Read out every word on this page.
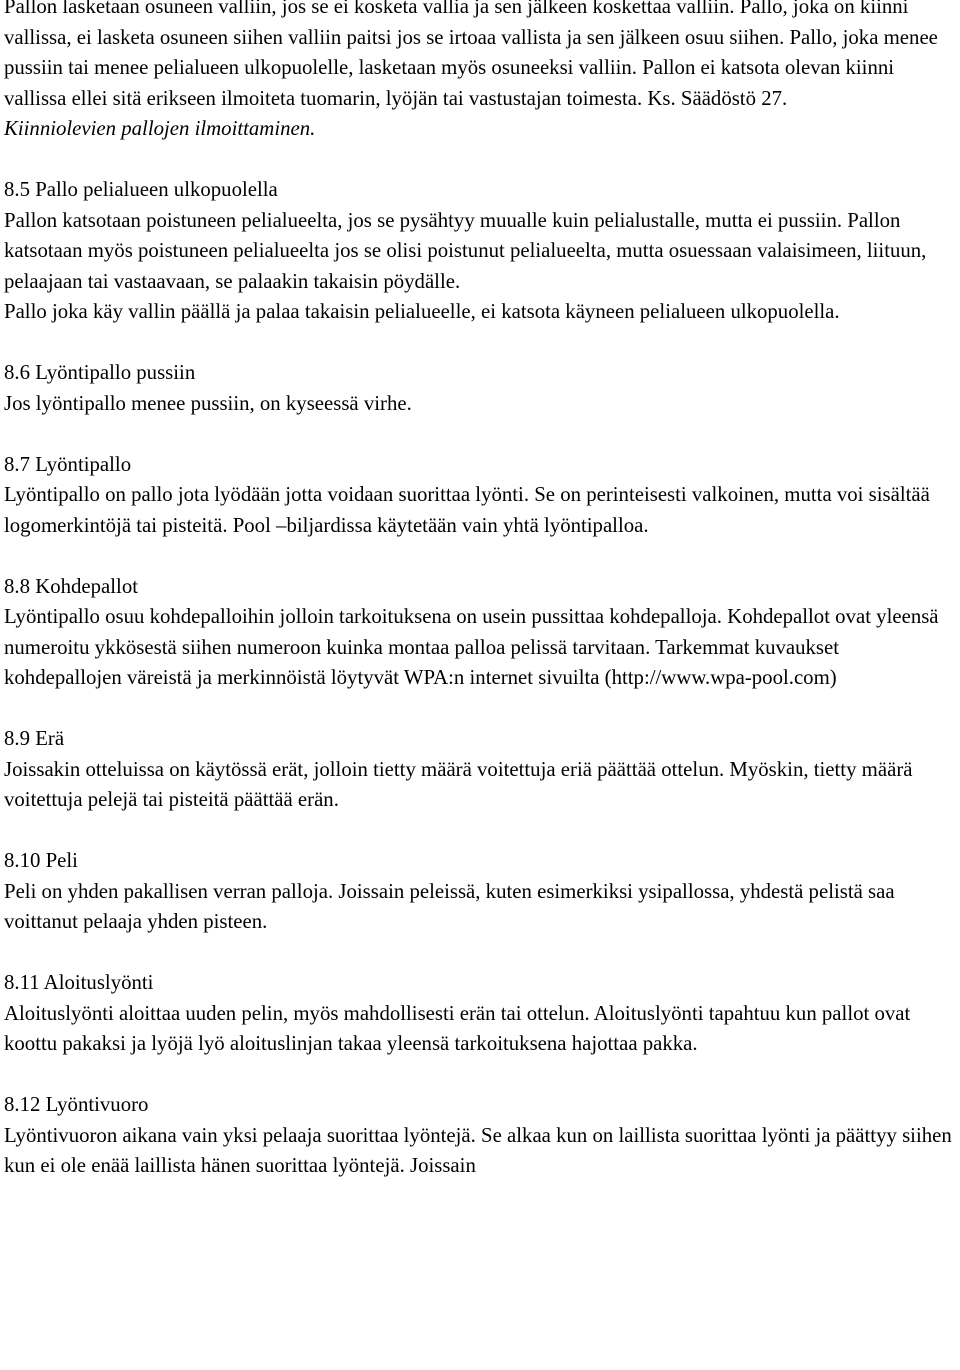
Pallon lasketaan osuneen valliin, jos se ei kosketa vallia ja sen jälkeen koskettaa valliin. Pallo, joka on kiinni vallissa, ei lasketa osuneen siihen valliin paitsi jos se irtoaa vallista ja sen jälkeen osuu siihen. Pallo, joka menee pussiin tai menee pelialueen ulkopuolelle, lasketaan myös osuneeksi valliin. Pallon ei katsota olevan kiinni vallissa ellei sitä erikseen ilmoiteta tuomarin, lyöjän tai vastustajan toimesta. Ks. Säädöstö 27.
Kiinniolevien pallojen ilmoittaminen.

8.5 Pallo pelialueen ulkopuolella

Pallon katsotaan poistuneen pelialueelta, jos se pysähtyy muualle kuin pelialustalle, mutta ei pussiin. Pallon katsotaan myös poistuneen pelialueelta jos se olisi poistunut pelialueelta, mutta osuessaan valaisimeen, liituun, pelaajaan tai vastaavaan, se palaakin takaisin pöydälle.

Pallo joka käy vallin päällä ja palaa takaisin pelialueelle, ei katsota käyneen pelialueen ulkopuolella.

8.6 Lyöntipallo pussiin

Jos lyöntipallo menee pussiin, on kyseessä virhe.

8.7 Lyöntipallo

Lyöntipallo on pallo jota lyödään jotta voidaan suorittaa lyönti. Se on perinteisesti valkoinen, mutta voi sisältää logomerkintöjä tai pisteitä. Pool –biljardissa käytetään vain yhtä lyöntipalloa.

8.8 Kohdepallot

Lyöntipallo osuu kohdepalloihin jolloin tarkoituksena on usein pussittaa kohdepalloja. Kohdepallot ovat yleensä numeroitu ykkösestä siihen numeroon kuinka montaa palloa pelissä tarvitaan. Tarkemmat kuvaukset kohdepallojen väreistä ja merkinnöistä löytyvät WPA:n internet sivuilta (http://www.wpa-pool.com)

8.9 Erä

Joissakin otteluissa on käytössä erät, jolloin tietty määrä voitettuja eriä päättää ottelun. Myöskin, tietty määrä voitettuja pelejä tai pisteitä päättää erän.

8.10 Peli

Peli on yhden pakallisen verran palloja. Joissain peleissä, kuten esimerkiksi ysipallossa, yhdestä pelistä saa voittanut pelaaja yhden pisteen.

8.11 Aloituslyönti

Aloituslyönti aloittaa uuden pelin, myös mahdollisesti erän tai ottelun. Aloituslyönti tapahtuu kun pallot ovat koottu pakaksi ja lyöjä lyö aloituslinjan takaa yleensä tarkoituksena hajottaa pakka.

8.12 Lyöntivuoro

Lyöntivuoron aikana vain yksi pelaaja suorittaa lyöntejä. Se alkaa kun on laillista suorittaa lyönti ja päättyy siihen kun ei ole enää laillista hänen suorittaa lyöntejä. Joissain
